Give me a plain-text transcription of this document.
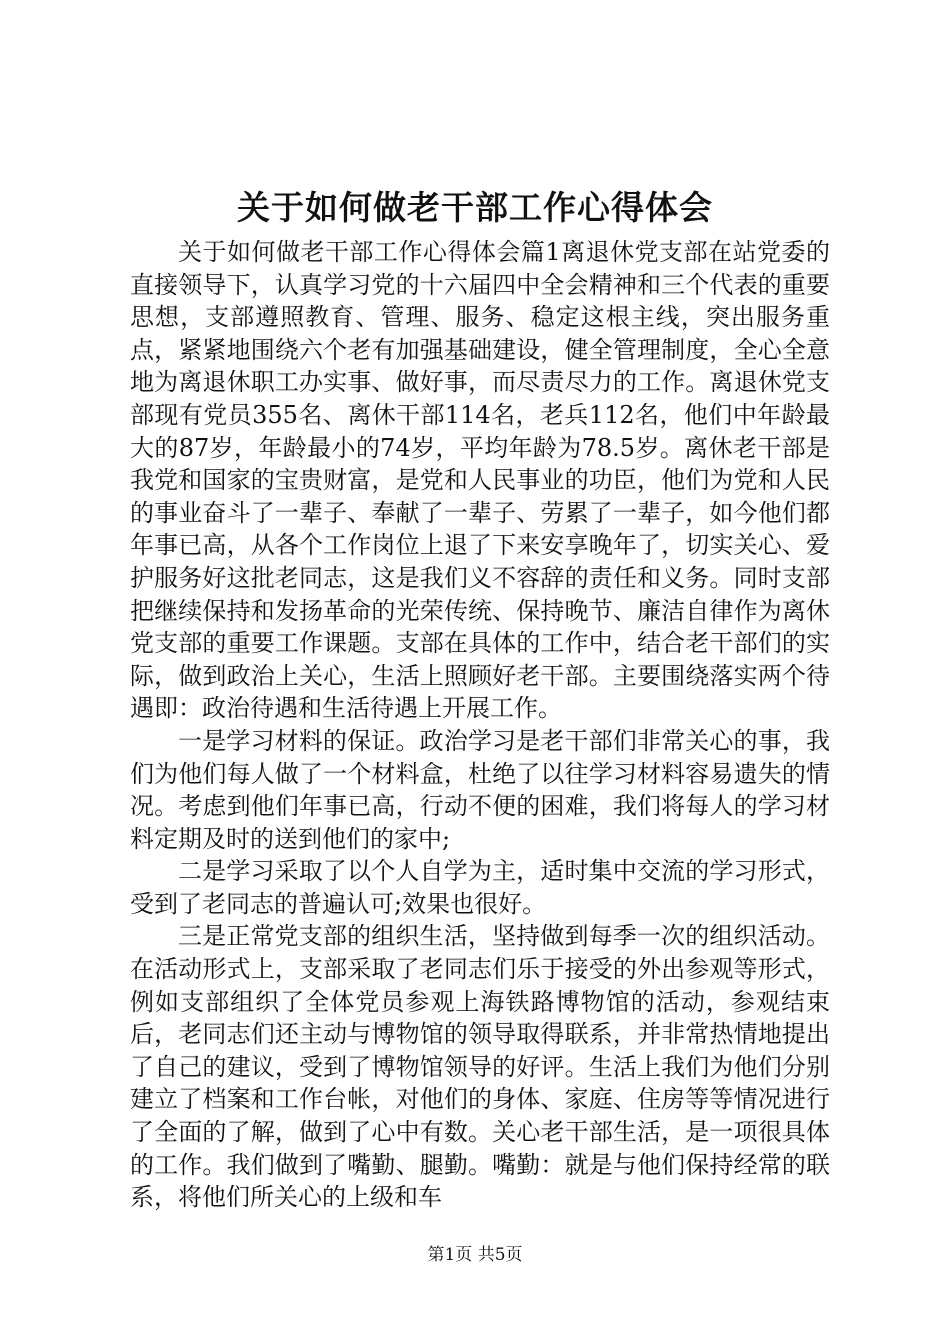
关于如何做老干部工作心得体会

关于如何做老干部工作心得体会篇1离退休党支部在站党委的直接领导下，认真学习党的十六届四中全会精神和三个代表的重要思想，支部遵照教育、管理、服务、稳定这根主线，突出服务重点，紧紧地围绕六个老有加强基础建设，健全管理制度，全心全意地为离退休职工办实事、做好事，而尽责尽力的工作。离退休党支部现有党员355名、离休干部114名，老兵112名，他们中年龄最大的87岁，年龄最小的74岁，平均年龄为78.5岁。离休老干部是我党和国家的宝贵财富，是党和人民事业的功臣，他们为党和人民的事业奋斗了一辈子、奉献了一辈子、劳累了一辈子，如今他们都年事已高，从各个工作岗位上退了下来安享晚年了，切实关心、爱护服务好这批老同志，这是我们义不容辞的责任和义务。同时支部把继续保持和发扬革命的光荣传统、保持晚节、廉洁自律作为离休党支部的重要工作课题。支部在具体的工作中，结合老干部们的实际，做到政治上关心，生活上照顾好老干部。主要围绕落实两个待遇即：政治待遇和生活待遇上开展工作。

一是学习材料的保证。政治学习是老干部们非常关心的事，我们为他们每人做了一个材料盒，杜绝了以往学习材料容易遗失的情况。考虑到他们年事已高，行动不便的困难，我们将每人的学习材料定期及时的送到他们的家中;

二是学习采取了以个人自学为主，适时集中交流的学习形式，受到了老同志的普遍认可;效果也很好。

三是正常党支部的组织生活，坚持做到每季一次的组织活动。在活动形式上，支部采取了老同志们乐于接受的外出参观等形式，例如支部组织了全体党员参观上海铁路博物馆的活动，参观结束后，老同志们还主动与博物馆的领导取得联系，并非常热情地提出了自己的建议，受到了博物馆领导的好评。生活上我们为他们分别建立了档案和工作台帐，对他们的身体、家庭、住房等等情况进行了全面的了解，做到了心中有数。关心老干部生活，是一项很具体的工作。我们做到了嘴勤、腿勤。嘴勤：就是与他们保持经常的联系，将他们所关心的上级和车

第1页 共5页
